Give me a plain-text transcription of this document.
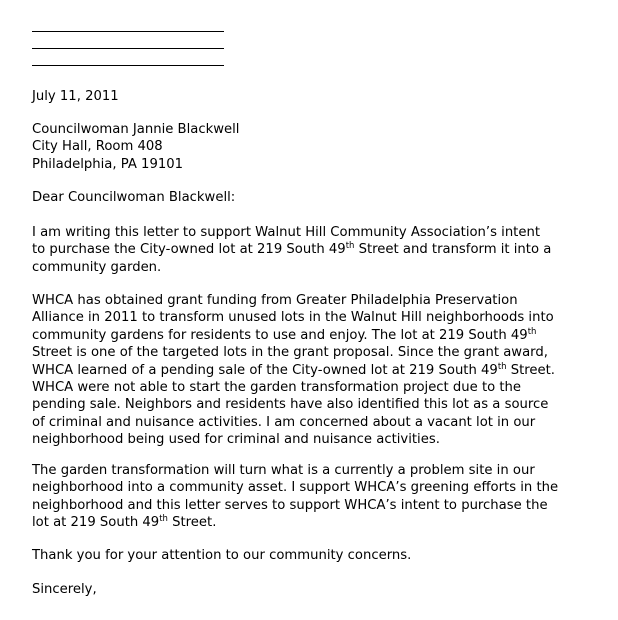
July 11, 2011
Councilwoman Jannie Blackwell
City Hall, Room 408
Philadelphia, PA 19101
Dear Councilwoman Blackwell:
I am writing this letter to support Walnut Hill Community Association’s intent
to purchase the City-owned lot at 219 South 49th Street and transform it into a
community garden.
WHCA has obtained grant funding from Greater Philadelphia Preservation
Alliance in 2011 to transform unused lots in the Walnut Hill neighborhoods into
community gardens for residents to use and enjoy. The lot at 219 South 49th
Street is one of the targeted lots in the grant proposal. Since the grant award,
WHCA learned of a pending sale of the City-owned lot at 219 South 49th Street.
WHCA were not able to start the garden transformation project due to the
pending sale. Neighbors and residents have also identified this lot as a source
of criminal and nuisance activities. I am concerned about a vacant lot in our
neighborhood being used for criminal and nuisance activities.
The garden transformation will turn what is a currently a problem site in our
neighborhood into a community asset. I support WHCA’s greening efforts in the
neighborhood and this letter serves to support WHCA’s intent to purchase the
lot at 219 South 49th Street.
Thank you for your attention to our community concerns.
Sincerely,
